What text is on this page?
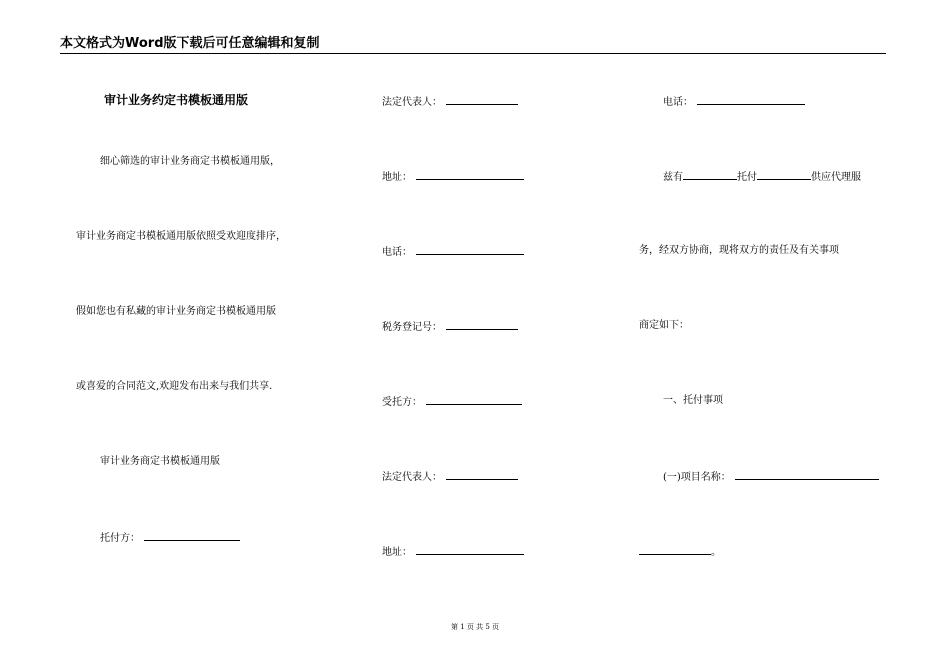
本文格式为Word版下载后可任意编辑和复制
审计业务约定书模板通用版
细心筛选的审计业务商定书模板通用版，
审计业务商定书模板通用版依照受欢迎度排序，
假如您也有私藏的审计业务商定书模板通用版
或喜爱的合同范文,欢迎发布出来与我们共享.
审计业务商定书模板通用版
托付方：
法定代表人：
地址：
电话：
税务登记号：
受托方：
法定代表人：
地址：
电话：
兹有	托付	供应代理服
务，经双方协商，现将双方的责任及有关事项
商定如下：
一、托付事项
(一)项目名称：
。
第 1 页 共 5 页
